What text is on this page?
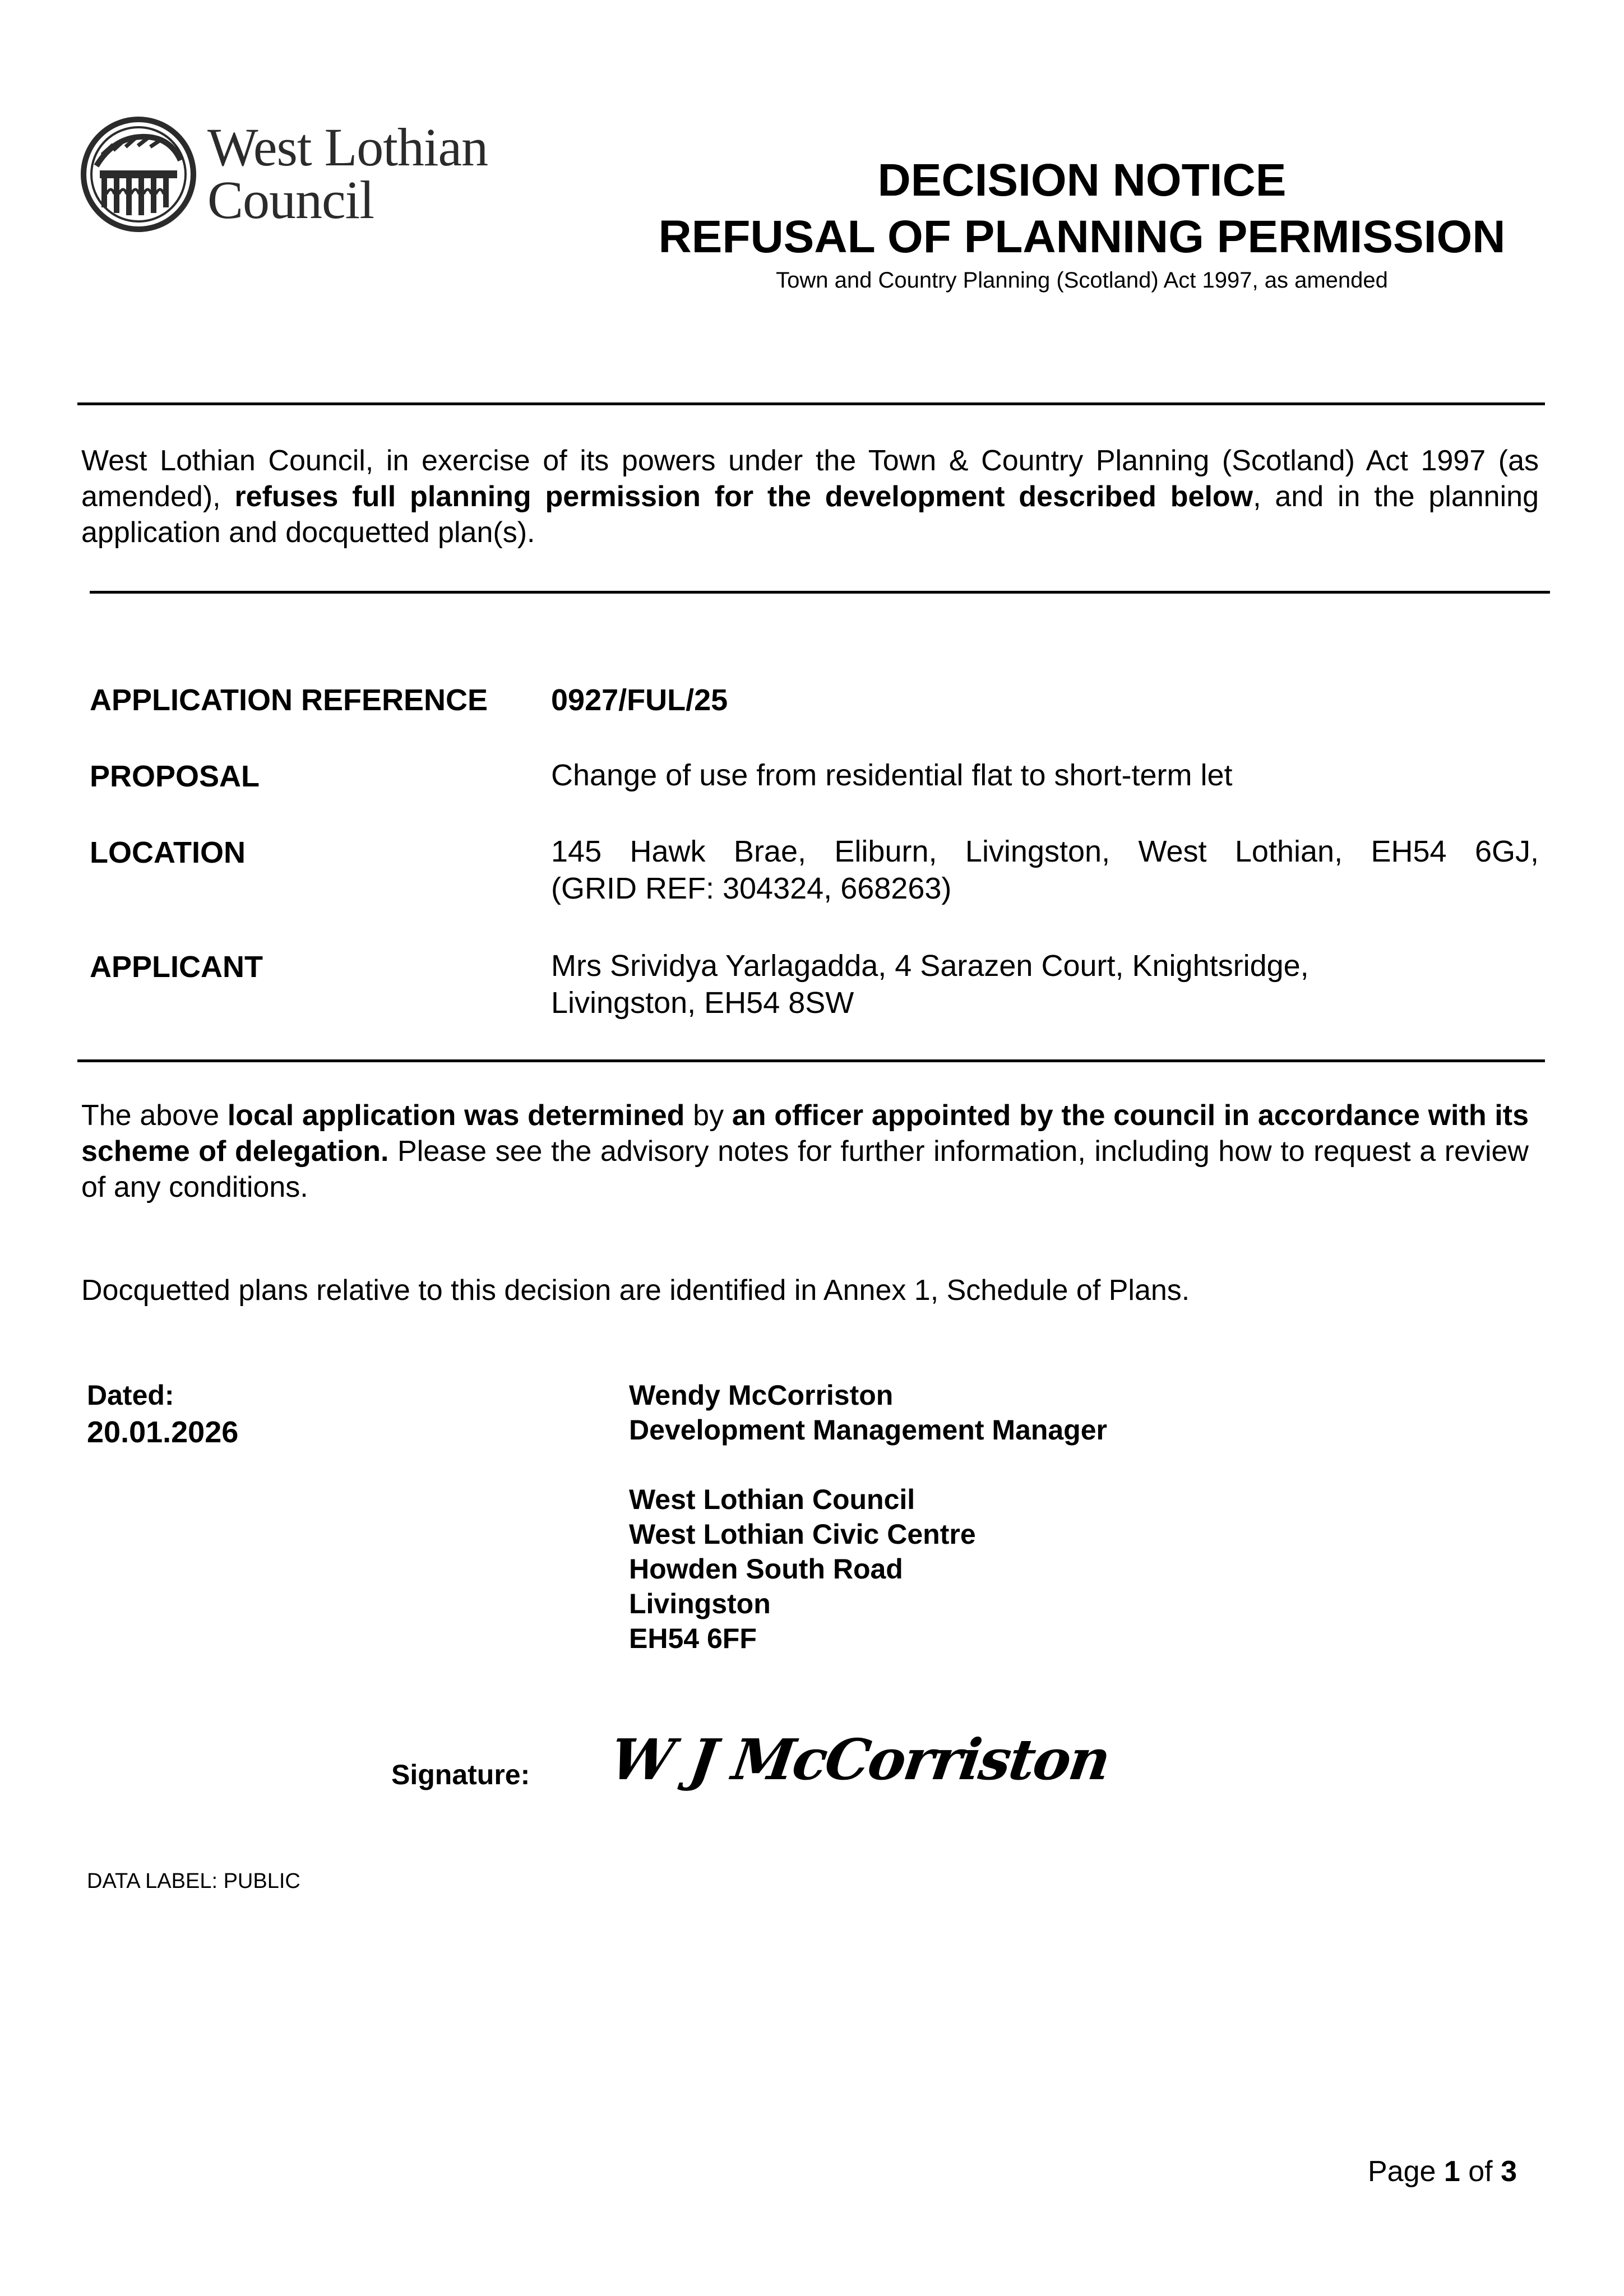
West Lothian
Council	DECISION NOTICE
REFUSAL OF PLANNING PERMISSION
Town and Country Planning (Scotland) Act 1997, as amended
West Lothian Council, in exercise of its powers under the Town & Country Planning (Scotland) Act 1997 (as amended), refuses full planning permission for the development described below, and in the planning application and docquetted plan(s).
APPLICATION REFERENCE 0927/FUL/25
PROPOSAL	Change of use from residential flat to short-term let
LOCATION	145 Hawk Brae, Eliburn, Livingston, West Lothian, EH54 6GJ,
(GRID REF: 304324, 668263)
APPLICANT	Mrs Srividya Yarlagadda, 4 Sarazen Court, Knightsridge,
Livingston, EH54 8SW
The above local application was determined by an officer appointed by the council in accordance with its scheme of delegation. Please see the advisory notes for further information, including how to request a review of any conditions.
Docquetted plans relative to this decision are identified in Annex 1, Schedule of Plans.
Dated:
20.01.2026
Wendy McCorriston
Development Management Manager
West Lothian Council
West Lothian Civic Centre
Howden South Road
Livingston
EH54 6FF
Signature: W J McCorriston
DATA LABEL: PUBLIC
Page 1 of 3
